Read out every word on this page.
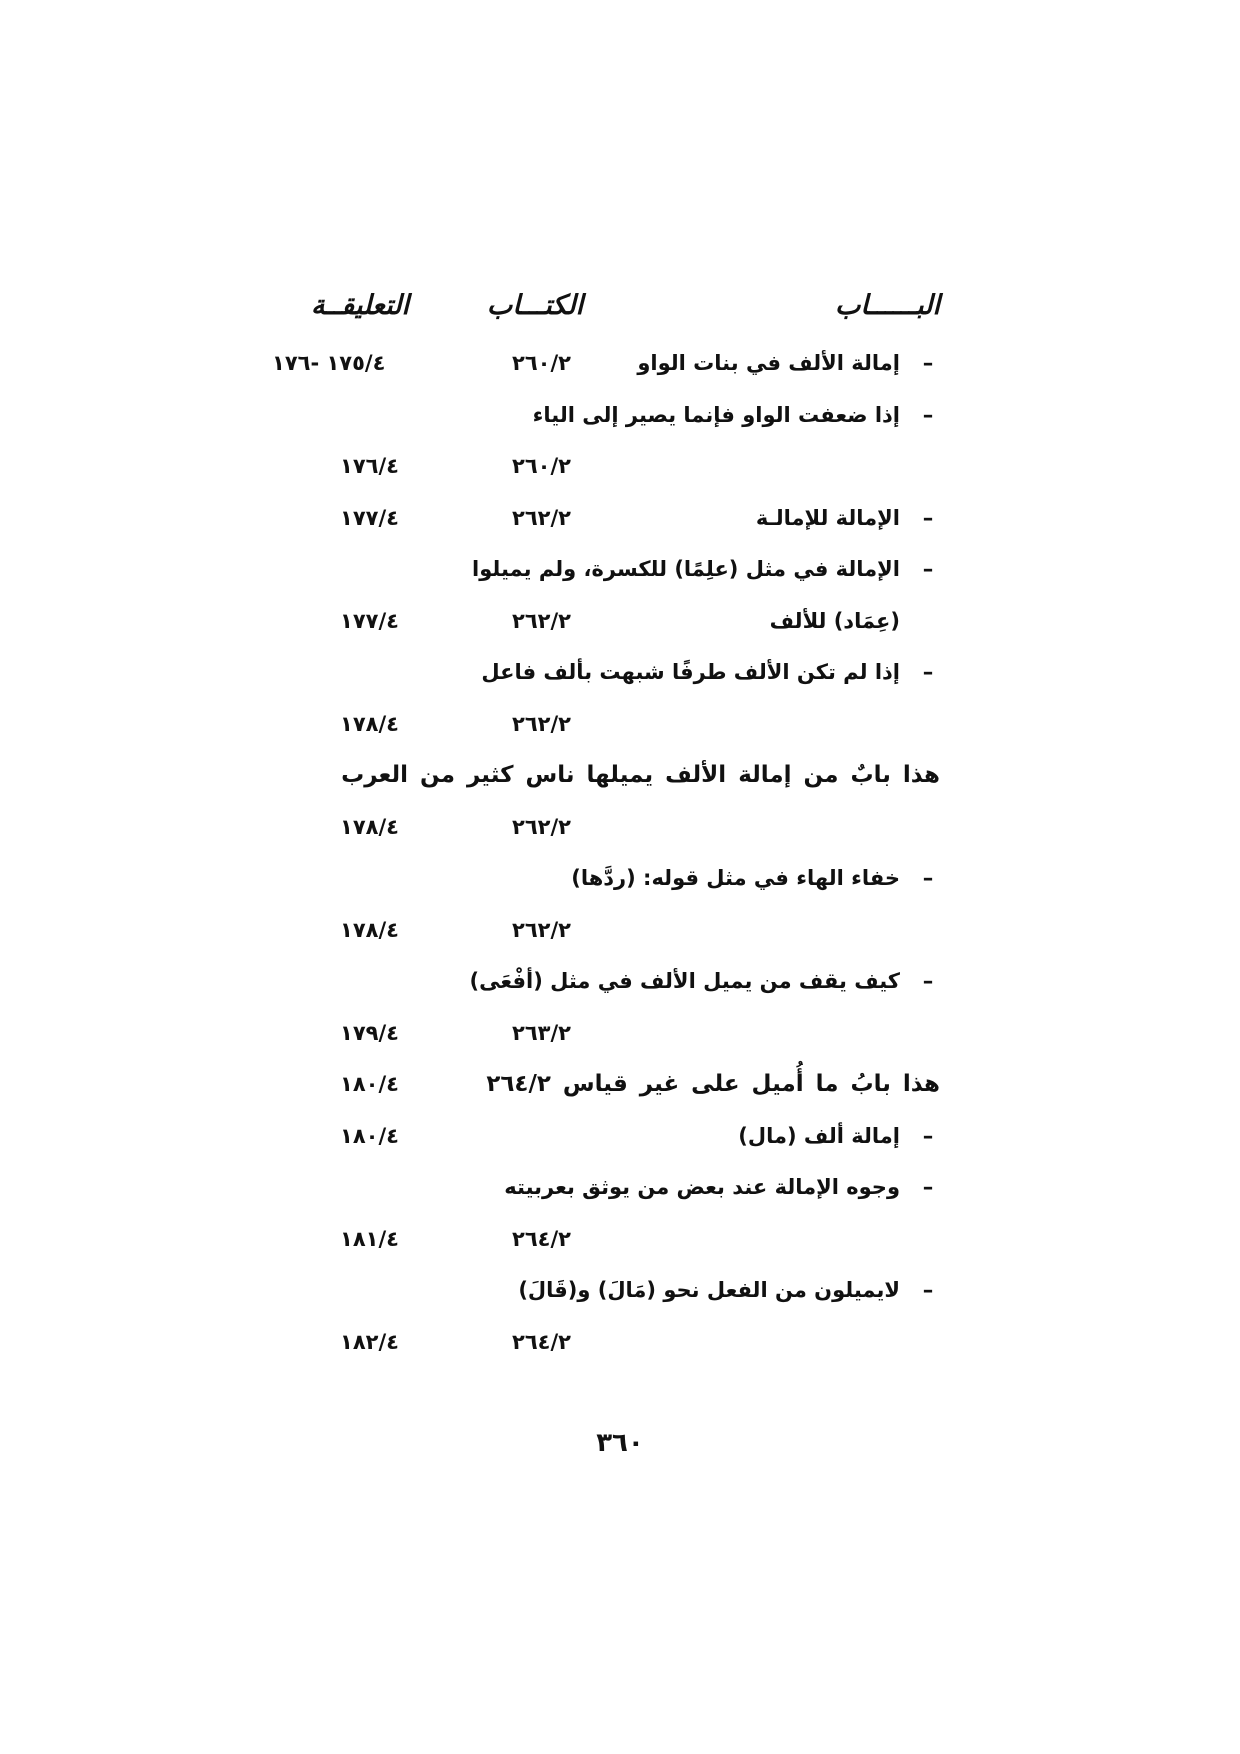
البــــــاب
الكتـــاب
التعليقــة
– إمالة الألف في بنات الواو
٢٦٠/٢
١٧٥/٤ -١٧٦
– إذا ضعفت الواو فإنما يصير إلى الياء
٢٦٠/٢
١٧٦/٤
– الإمالة للإمالـة
٢٦٢/٢
١٧٧/٤
– الإمالة في مثل (علِمًا) للكسرة، ولم يميلوا
(عِمَاد) للألف
٢٦٢/٢
١٧٧/٤
– إذا لم تكن الألف طرفًا شبهت بألف فاعل
٢٦٢/٢
١٧٨/٤
هذا بابٌ من إمالة الألف يميلها ناس كثير من العرب
٢٦٢/٢
١٧٨/٤
– خفاء الهاء في مثل قوله: (ردَّها)
٢٦٢/٢
١٧٨/٤
– كيف يقف من يميل الألف في مثل (أفْعَى)
٢٦٣/٢
١٧٩/٤
هذا بابُ ما أُميل على غير قياس ٢٦٤/٢
١٨٠/٤
– إمالة ألف (مال)
١٨٠/٤
– وجوه الإمالة عند بعض من يوثق بعربيته
٢٦٤/٢
١٨١/٤
– لايميلون من الفعل نحو (مَالَ) و(قَالَ)
٢٦٤/٢
١٨٢/٤
٣٦٠
